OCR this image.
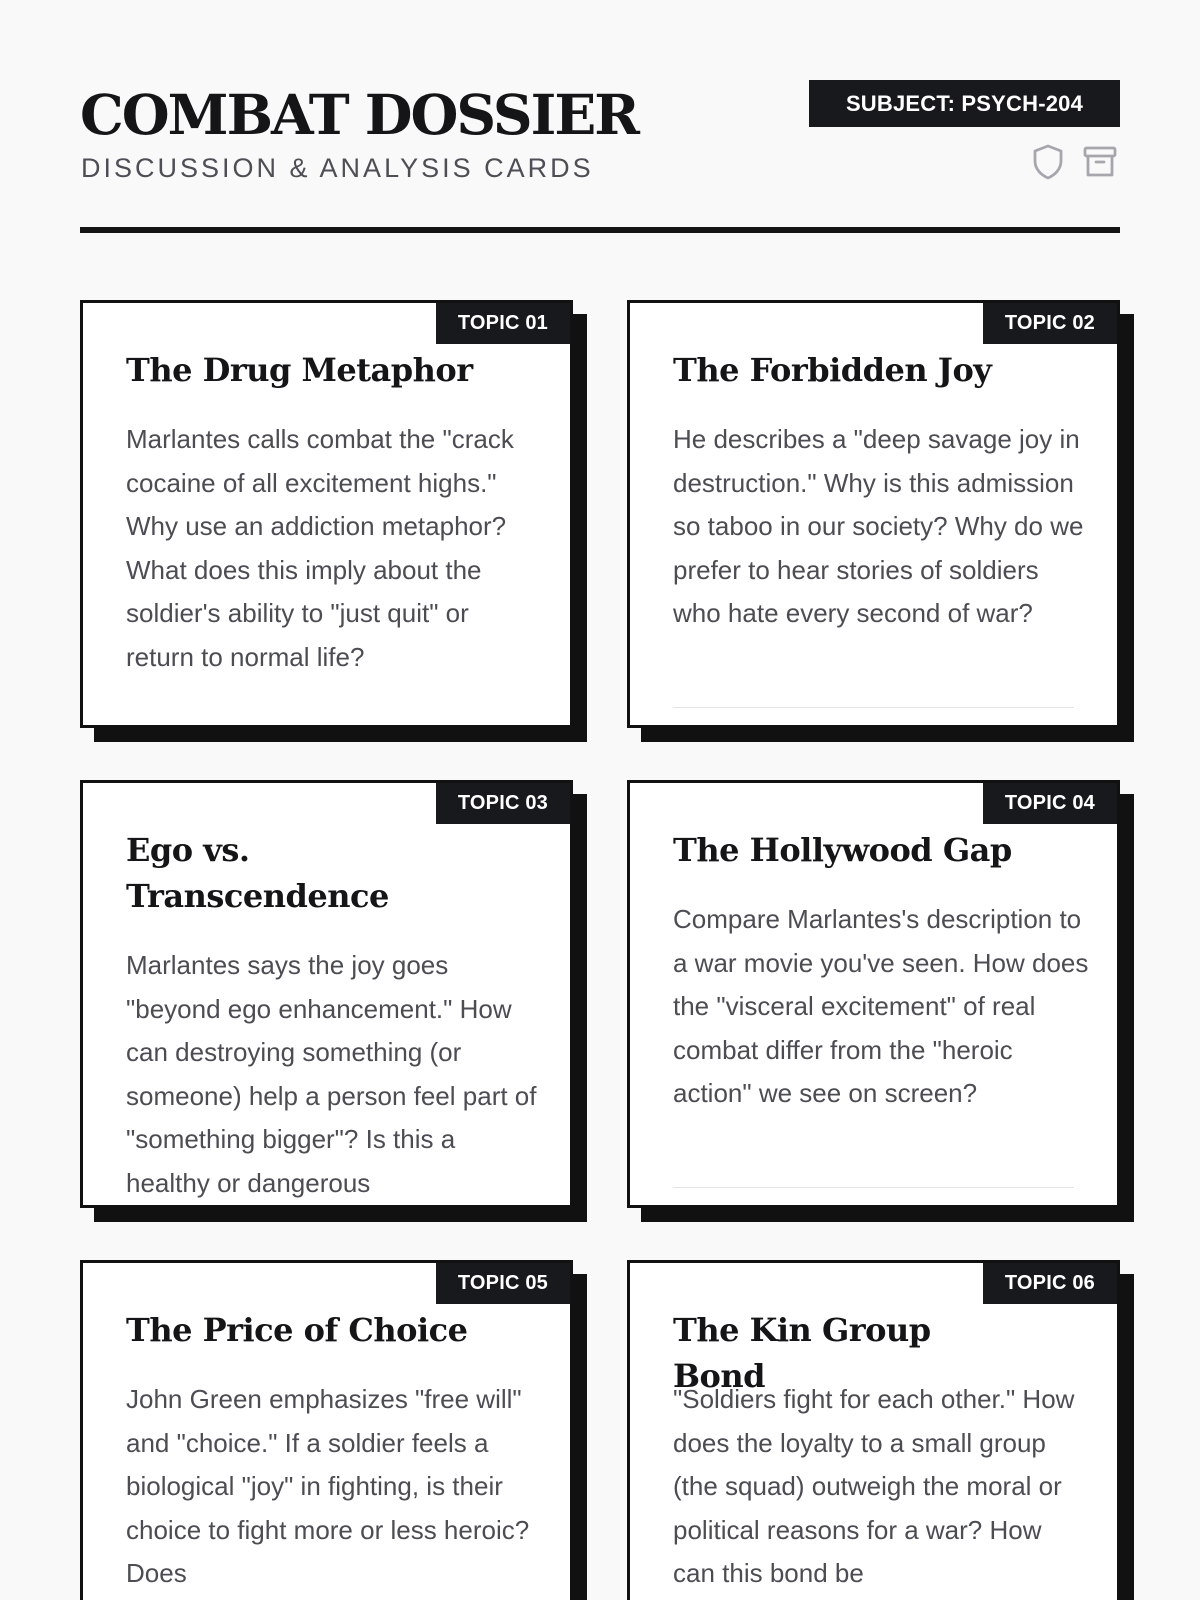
COMBAT DOSSIER
DISCUSSION & ANALYSIS CARDS
SUBJECT: PSYCH-204
TOPIC 01
The Drug Metaphor

Marlantes calls combat the "crack cocaine of all excitement highs." Why use an addiction metaphor? What does this imply about the soldier's ability to "just quit" or return to normal life?

TOPIC 02
The Forbidden Joy

He describes a "deep savage joy in destruction." Why is this admission so taboo in our society? Why do we prefer to hear stories of soldiers who hate every second of war?

TOPIC 03
Ego vs. Transcendence

Marlantes says the joy goes "beyond ego enhancement." How can destroying something (or someone) help a person feel part of "something bigger"? Is this a healthy or dangerous

TOPIC 04
The Hollywood Gap

Compare Marlantes's description to a war movie you've seen. How does the "visceral excitement" of real combat differ from the "heroic action" we see on screen?

TOPIC 05
The Price of Choice

John Green emphasizes "free will" and "choice." If a soldier feels a biological "joy" in fighting, is their choice to fight more or less heroic? Does

TOPIC 06
The Kin Group Bond

"Soldiers fight for each other." How does the loyalty to a small group (the squad) outweigh the moral or political reasons for a war? How can this bond be
